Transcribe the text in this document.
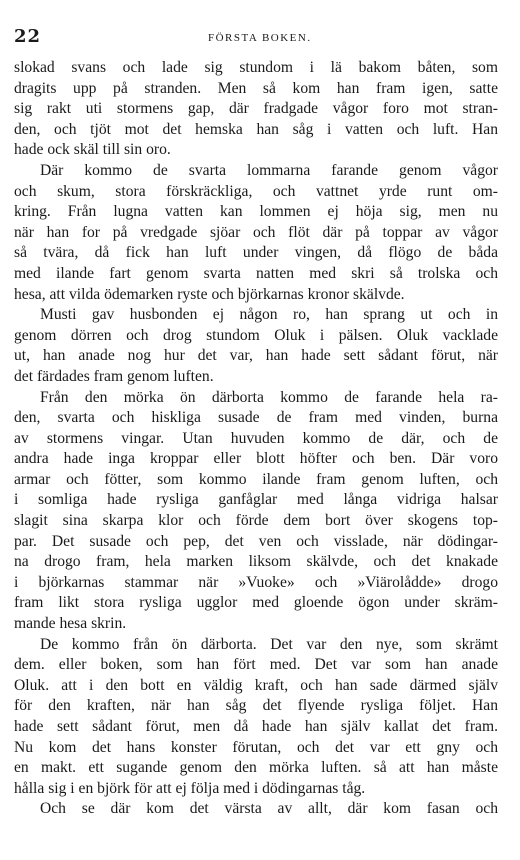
22	FÖRSTA BOKEN.
slokad svans och lade sig stundom i lä bakom båten, som
dragits upp på stranden. Men så kom han fram igen, satte
sig rakt uti stormens gap, där fradgade vågor foro mot stran-
den, och tjöt mot det hemska han såg i vatten och luft. Han
hade ock skäl till sin oro.
Där kommo de svarta lommarna farande genom vågor
och skum, stora förskräckliga, och vattnet yrde runt om-
kring. Från lugna vatten kan lommen ej höja sig, men nu
när han for på vredgade sjöar och flöt där på toppar av vågor
så tvära, då fick han luft under vingen, då flögo de båda
med ilande fart genom svarta natten med skri så trolska och
hesa, att vilda ödemarken ryste och björkarnas kronor skälvde.
Musti gav husbonden ej någon ro, han sprang ut och in
genom dörren och drog stundom Oluk i pälsen. Oluk vacklade
ut, han anade nog hur det var, han hade sett sådant förut, när
det färdades fram genom luften.
Från den mörka ön därborta kommo de farande hela ra-
den, svarta och hiskliga susade de fram med vinden, burna
av stormens vingar. Utan huvuden kommo de där, och de
andra hade inga kroppar eller blott höfter och ben. Där voro
armar och fötter, som kommo ilande fram genom luften, och
i somliga hade rysliga ganfåglar med långa vidriga halsar
slagit sina skarpa klor och förde dem bort över skogens top-
par. Det susade och pep, det ven och visslade, när dödingar-
na drogo fram, hela marken liksom skälvde, och det knakade
i björkarnas stammar när »Vuoke» och »Viärolådde» drogo
fram likt stora rysliga ugglor med gloende ögon under skräm-
mande hesa skrin.
De kommo från ön därborta. Det var den nye, som skrämt
dem. eller boken, som han fört med. Det var som han anade
Oluk. att i den bott en väldig kraft, och han sade därmed själv
för den kraften, när han såg det flyende rysliga följet. Han
hade sett sådant förut, men då hade han själv kallat det fram.
Nu kom det hans konster förutan, och det var ett gny och
en makt. ett sugande genom den mörka luften. så att han måste
hålla sig i en björk för att ej följa med i dödingarnas tåg.
Och se där kom det värsta av allt, där kom fasan och
